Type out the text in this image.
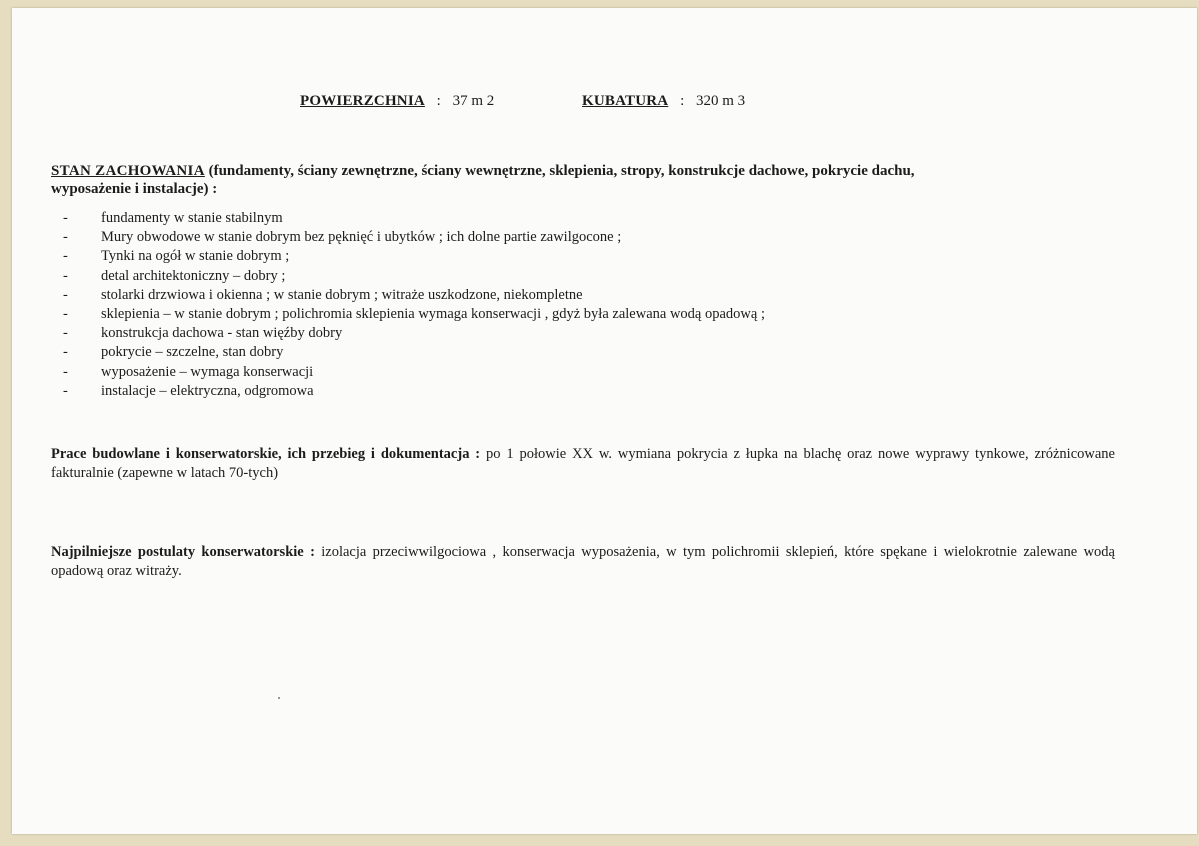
POWIERZCHNIA : 37 m 2	KUBATURA : 320 m 3
STAN ZACHOWANIA (fundamenty, ściany zewnętrzne, ściany wewnętrzne, sklepienia, stropy, konstrukcje dachowe, pokrycie dachu,
wyposażenie i instalacje) :
- fundamenty w stanie stabilnym
- Mury obwodowe w stanie dobrym bez pęknięć i ubytków ; ich dolne partie zawilgocone ;
- Tynki na ogół w stanie dobrym ;
- detal architektoniczny – dobry ;
- stolarki drzwiowa i okienna ; w stanie dobrym ; witraże uszkodzone, niekompletne
- sklepienia – w stanie dobrym ; polichromia sklepienia wymaga konserwacji , gdyż była zalewana wodą opadową ;
- konstrukcja dachowa - stan więźby dobry
- pokrycie – szczelne, stan dobry
- wyposażenie – wymaga konserwacji
- instalacje – elektryczna, odgromowa
Prace budowlane i konserwatorskie, ich przebieg i dokumentacja : po 1 połowie XX w. wymiana pokrycia z łupka na blachę oraz nowe wyprawy tynkowe, zróżnicowane fakturalnie (zapewne w latach 70-tych)
Najpilniejsze postulaty konserwatorskie : izolacja przeciwwilgociowa , konserwacja wyposażenia, w tym polichromii sklepień, które spękane i wielokrotnie zalewane wodą opadową oraz witraży.
